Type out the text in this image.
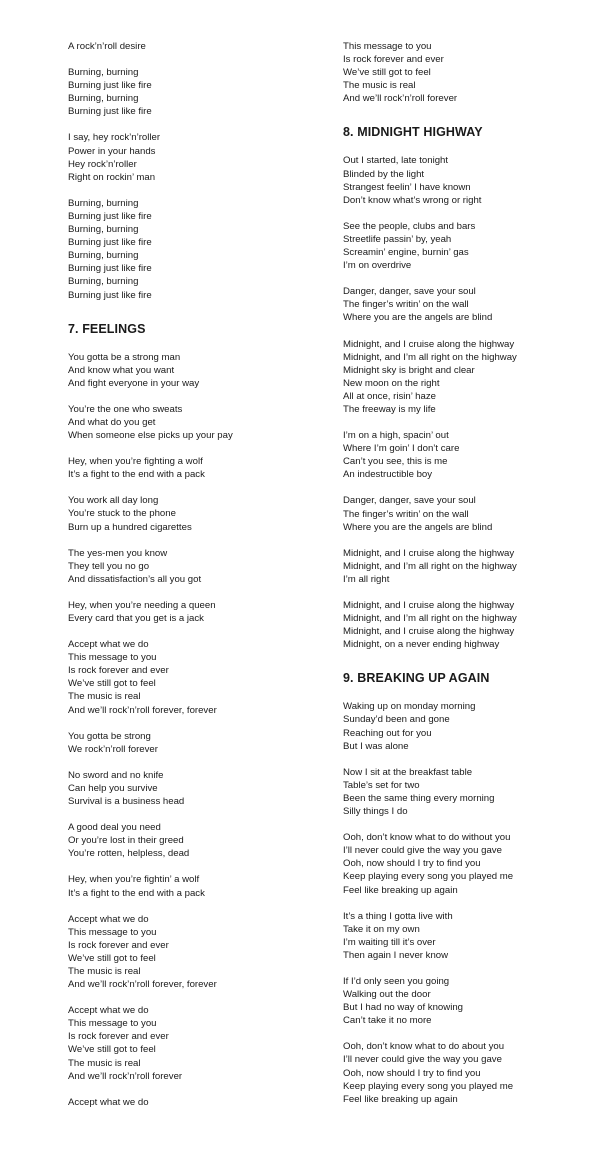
A rock’n’roll desire
Burning, burning
Burning just like fire
Burning, burning
Burning just like fire
I say, hey rock’n’roller
Power in your hands
Hey rock’n’roller
Right on rockin’ man
Burning, burning
Burning just like fire
Burning, burning
Burning just like fire
Burning, burning
Burning just like fire
Burning, burning
Burning just like fire
7. FEELINGS
You gotta be a strong man
And know what you want
And fight everyone in your way
You’re the one who sweats
And what do you get
When someone else picks up your pay
Hey, when you’re fighting a wolf
It’s a fight to the end with a pack
You work all day long
You’re stuck to the phone
Burn up a hundred cigarettes
The yes-men you know
They tell you no go
And dissatisfaction’s all you got
Hey, when you’re needing a queen
Every card that you get is a jack
Accept what we do
This message to you
Is rock forever and ever
We’ve still got to feel
The music is real
And we’ll rock’n’roll forever, forever
You gotta be strong
We rock’n’roll forever
No sword and no knife
Can help you survive
Survival is a business head
A good deal you need
Or you’re lost in their greed
You’re rotten, helpless, dead
Hey, when you’re fightin’ a wolf
It’s a fight to the end with a pack
Accept what we do
This message to you
Is rock forever and ever
We’ve still got to feel
The music is real
And we’ll rock’n’roll forever, forever
Accept what we do
This message to you
Is rock forever and ever
We’ve still got to feel
The music is real
And we’ll rock’n’roll forever
Accept what we do
This message to you
Is rock forever and ever
We’ve still got to feel
The music is real
And we’ll rock’n’roll forever
8. MIDNIGHT HIGHWAY
Out I started, late tonight
Blinded by the light
Strangest feelin’ I have known
Don’t know what’s wrong or right
See the people, clubs and bars
Streetlife passin’ by, yeah
Screamin’ engine, burnin’ gas
I’m on overdrive
Danger, danger, save your soul
The finger’s writin’ on the wall
Where you are the angels are blind
Midnight, and I cruise along the highway
Midnight, and I’m all right on the highway
Midnight sky is bright and clear
New moon on the right
All at once, risin’ haze
The freeway is my life
I’m on a high, spacin’ out
Where I’m goin’ I don’t care
Can’t you see, this is me
An indestructible boy
Danger, danger, save your soul
The finger’s writin’ on the wall
Where you are the angels are blind
Midnight, and I cruise along the highway
Midnight, and I’m all right on the highway
I’m all right
Midnight, and I cruise along the highway
Midnight, and I’m all right on the highway
Midnight, and I cruise along the highway
Midnight, on a never ending highway
9. BREAKING UP AGAIN
Waking up on monday morning
Sunday’d been and gone
Reaching out for you
But I was alone
Now I sit at the breakfast table
Table’s set for two
Been the same thing every morning
Silly things I do
Ooh, don’t know what to do without you
I’ll never could give the way you gave
Ooh, now should I try to find you
Keep playing every song you played me
Feel like breaking up again
It’s a thing I gotta live with
Take it on my own
I’m waiting till it’s over
Then again I never know
If I’d only seen you going
Walking out the door
But I had no way of knowing
Can’t take it no more
Ooh, don’t know what to do about you
I’ll never could give the way you gave
Ooh, now should I try to find you
Keep playing every song you played me
Feel like breaking up again
